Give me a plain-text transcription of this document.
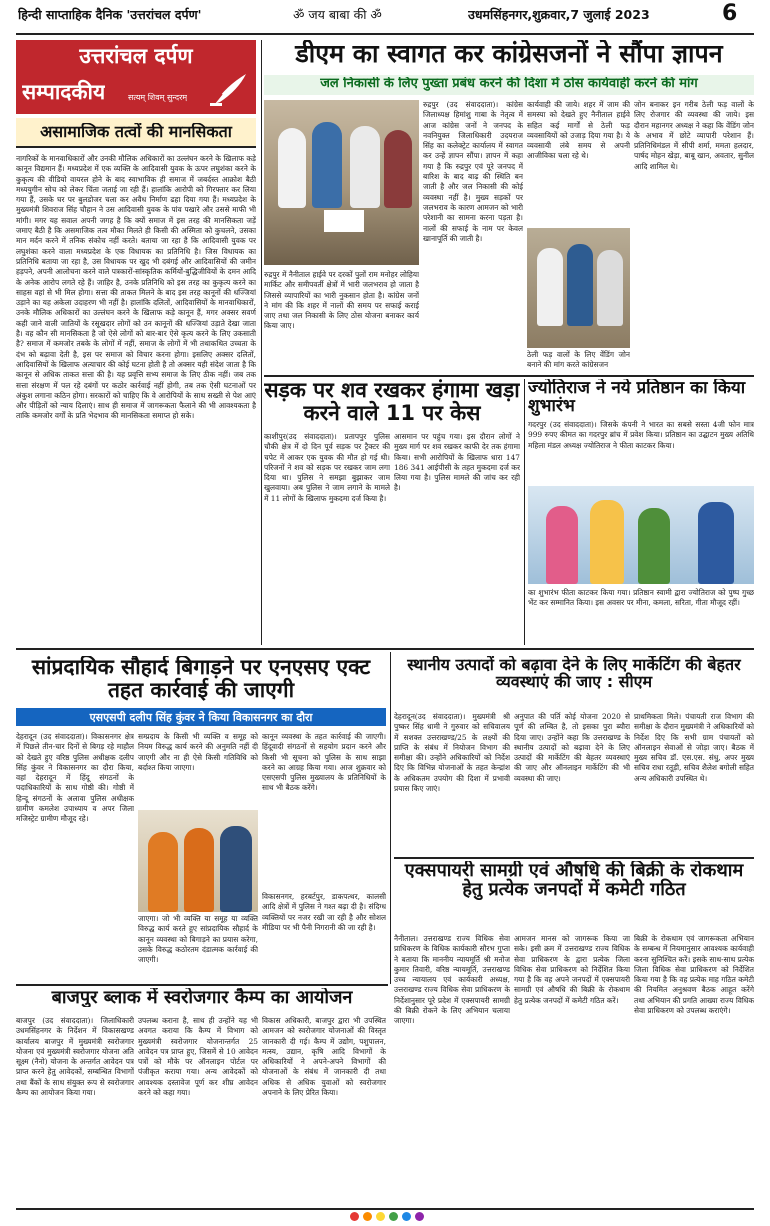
हिन्दी साप्ताहिक दैनिक 'उत्तरांचल दर्पण'	ॐ जय बाबा की ॐ	उधमसिंहनगर,शुक्रवार,7 जुलाई 2023	6
उत्तरांचल दर्पण
सम्पादकीय	सत्यम् शिवम् सुन्दरम्
असामाजिक तत्वों की मानसिकता
नागरिकों के मानवाधिकारों और उनकी मौलिक अधिकारों का उल्लंघन करने के खिलाफ कड़े कानून विद्यमान हैं। मध्यप्रदेश में एक व्यक्ति के आदिवासी युवक के ऊपर लघुशंका करने के कुकृत्य की वीडियो वायरल होने के बाद स्वाभाविक ही समाज में जबर्दस्त आक्रोश बैठी मध्ययुगीन सोच को लेकर चिंता जताई जा रही हैं। हालांकि आरोपी को गिरफ्तार कर लिया गया हैं, उसके घर पर बुलडोजर चला कर अवैध निर्माण ढहा दिया गया हैं। मध्यप्रदेश के मुख्यमंत्री शिवराज सिंह चौहान ने उस आदिवासी युवक के पांव पखारे और उससे माफी भी मांगी। मगर यह सवाल अपनी जगह है कि क्यों समाज में इस तरह की मानसिकता जड़ें जमाए बैठी है कि असमाजिक तत्व मौका मिलते ही किसी की अस्मिता को कुचलने, उसका मान मर्दन करने में तनिक संकोच नहीं करते। बताया जा रहा है कि आदिवासी युवक पर लघुशंका करने वाला मध्यप्रदेश के एक विधायक का प्रतिनिधि है। जिस विधायक का प्रतिनिधि बताया जा रहा है, उस विधायक पर खुद भी दबंगई और आदिवासियों की जमीन हड़पने, अपनी आलोचना करने वाले पत्रकारों-सांस्कृतिक कर्मियों-बुद्धिजीवियों के दमन आदि के अनेक आरोप लगते रहे हैं। जाहिर है, उनके प्रतिनिधि को इस तरह का कुकृत्य करने का साहस वहां से भी मिल होगा। सत्ता की ताकत मिलने के बाद इस तरह कानूनों की धज्जियां उड़ाने का यह अकेला उदाहरण भी नहीं है। हालांकि दलितों, आदिवासियों के मानवाधिकारों, उनके मौलिक अधिकारों का उल्लंघन करने के खिलाफ कड़े कानून हैं, मगर अक्सर सवर्ण कही जाने वाली जातियों के रसूखदार लोगों को उन कानूनों की धज्जियां उड़ाते देखा जाता है। वह कौन सी मानसिकता है जो ऐसे लोगों को बार-बार ऐसे कृत्य करने के लिए उकसाती है? समाज में कमजोर तबके के लोगों में नहीं, समाज के लोगों में भी तथाकथित उच्चता के दंभ को बढ़ावा देती है, इस पर समाज को विचार करना होगा। इसलिए अक्सर दलितों, आदिवासियों के खिलाफ अत्याचार की कोई घटना होती है तो अक्सर यही संदेश जाता है कि कानून से अधिक ताकत सत्ता की है। यह प्रवृत्ति सभ्य समाज के लिए ठीक नहीं। जब तक सत्ता संरक्षण में पल रहे दबंगों पर कठोर कार्रवाई नहीं होगी, तब तक ऐसी घटनाओं पर अंकुश लगाना कठिन होगा। सरकारों को चाहिए कि वे आरोपियों के साथ सख्ती से पेश आएं और पीड़ितों को न्याय दिलाएं। साथ ही समाज में जागरूकता फैलाने की भी आवश्यकता है ताकि कमजोर वर्गों के प्रति भेदभाव की मानसिकता समाप्त हो सके।
डीएम का स्वागत कर कांग्रेसजनों ने सौंपा ज्ञापन
जल निकासी के लिए पुख्ता प्रबंध करने की दिशा में ठोस कार्यवाही करने की मांग
रुद्रपुर (उद संवाददाता)। कांग्रेस जिलाध्यक्ष हिमांशु गाबा के नेतृत्व में आज कांग्रेस जनों ने जनपद के नवनियुक्त जिलाधिकारी उदयराज सिंह का कलेक्ट्रेट कार्यालय में स्वागत कर उन्हें ज्ञापन सौंपा। ज्ञापन में कहा गया है कि रुद्रपुर एवं पूरे जनपद में बारिश के बाद बाढ़ की स्थिति बन जाती है और जल निकासी की कोई व्यवस्था नहीं है। मुख्य सड़कों पर जलभराव के कारण आमजन को भारी परेशानी का सामना करना पड़ता है। नालों की सफाई के नाम पर केवल खानापूर्ति की जाती है।
रुद्रपुर में नैनीताल हाईवे पर दरकों पुलों राम मनोहर लोहिया मार्किट और समीपवर्ती क्षेत्रों में भारी जलभराव हो जाता है जिससे व्यापारियों का भारी नुकसान होता है। कांग्रेस जनों ने मांग की कि शहर में नालों की समय पर सफाई कराई जाए तथा जल निकासी के लिए ठोस योजना बनाकर कार्य किया जाए।
कार्यवाही की जाये। शहर में जाम की समस्या को देखते हुए नैनीताल हाईवे सहित कई मार्गों से ठेली फड़ व्यवसायियों को उजाड़ दिया गया है। ये व्यवसायी लंबे समय से अपनी आजीविका चला रहे थे।
ठेली फड़ वालों के लिए वेंडिंग जोन बनाने की मांग करते कांग्रेसजन
जोन बनाकर इन गरीब ठेली फड़ वालों के लिए रोजगार की व्यवस्था की जाये। इस दौरान महानगर अध्यक्ष ने कहा कि वेंडिंग जोन के अभाव में छोटे व्यापारी परेशान हैं। प्रतिनिधिमंडल में सीपी शर्मा, ममता हलदार, पार्षद मोहन खेड़ा, बाबू खान, अवतार, सुनील आदि शामिल थे।
सड़क पर शव रखकर हंगामा खड़ा करने वाले 11 पर केस
काशीपुर(उद संवाददाता)। प्रतापपुर पुलिस चौकी क्षेत्र में दो दिन पूर्व सड़क पर ट्रैक्टर की चपेट में आकर एक युवक की मौत हो गई थी। परिजनों ने शव को सड़क पर रखकर जाम लगा दिया था। पुलिस ने समझा बुझाकर जाम खुलवाया। अब पुलिस ने जाम लगाने के मामले में 11 लोगों के खिलाफ मुकदमा दर्ज किया है।
आसमान पर पहुंच गया। इस दौरान लोगों ने मुख्य मार्ग पर शव रखकर काफी देर तक हंगामा किया। सभी आरोपियों के खिलाफ धारा 147 186 341 आईपीसी के तहत मुकदमा दर्ज कर लिया गया है। पुलिस मामले की जांच कर रही है।
ज्योतिराज ने नये प्रतिष्ठान का किया शुभारंभ
गदरपुर (उद संवाददाता)। जिसके कंपनी ने भारत का सबसे सस्ता 4जी फोन मात्र 999 रुपए कीमत का गदरपुर ब्रांच में प्रवेश किया। प्रतिष्ठान का उद्घाटन मुख्य अतिथि महिला मंडल अध्यक्ष ज्योतिराज ने फीता काटकर किया।
का शुभारंभ फीता काटकर किया गया। प्रतिष्ठान स्वामी द्वारा ज्योतिराज को पुष्प गुच्छ भेंट कर सम्मानित किया। इस अवसर पर मीना, कमला, सरिता, गीता मौजूद रहीं।
सांप्रदायिक सौहार्द बिगाड़ने पर एनएसए एक्ट तहत कार्रवाई की जाएगी
एसएसपी दलीप सिंह कुंवर ने किया विकासनगर का दौरा
देहरादून (उद संवाददाता)। विकासनगर क्षेत्र में पिछले तीन-चार दिनों से बिगड़ रहे माहौल को देखते हुए वरिष्ठ पुलिस अधीक्षक दलीप सिंह कुंवर ने विकासनगर का दौरा किया, वहां देहरादून में हिंदू संगठनों के पदाधिकारियों के साथ गोष्ठी की। गोष्ठी में हिन्दू संगठनों के अलावा पुलिस अधीक्षक ग्रामीण कमलेश उपाध्याय व अपर जिला मजिस्ट्रेट ग्रामीण मौजूद रहे।
सम्प्रदाय के किसी भी व्यक्ति व समूह को नियम विरुद्ध कार्य करने की अनुमति नहीं दी जाएगी और ना ही ऐसे किसी गतिविधि को बर्दाश्त किया जाएगा।
जाएगा। जो भी व्यक्ति या समूह या व्यक्ति विरुद्ध कार्य करते हुए सांप्रदायिक सौहार्द के कानून व्यवस्था को बिगाड़ने का प्रयास करेगा, उसके विरुद्ध कठोरतम दंडात्मक कार्रवाई की जाएगी।
कानून व्यवस्था के तहत कार्रवाई की जाएगी। हिंदूवादी संगठनों से सहयोग प्रदान करने और किसी भी सूचना को पुलिस के साथ साझा करने का आग्रह किया गया। आज शुक्रवार को एसएसपी पुलिस मुख्यालय के प्रतिनिधियों के साथ भी बैठक करेंगे।
विकासनगर, हरबर्टपुर, डाकपत्थर, कालसी आदि क्षेत्रों में पुलिस ने गश्त बढ़ा दी है। संदिग्ध व्यक्तियों पर नजर रखी जा रही है और सोशल मीडिया पर भी पैनी निगरानी की जा रही है।
स्थानीय उत्पादों को बढ़ावा देने के लिए मार्केटिंग की बेहतर व्यवस्थाएं की जाए : सीएम
देहरादून(उद संवाददाता)। मुख्यमंत्री श्री पुष्कर सिंह धामी ने गुरुवार को सचिवालय में सशक्त उत्तराखण्ड/25 के लक्ष्यों की प्राप्ति के संबंध में नियोजन विभाग की समीक्षा की। उन्होंने अधिकारियों को निर्देश दिए कि विभिन्न योजनाओं के तहत केन्द्रांश के अधिकतम उपयोग की दिशा में प्रभावी प्रयास किए जाएं।
अनुपात की पर्ति कोई योजना 2020 से पूर्ण की लम्बित है, तो इसका पुरा ब्यौरा दिया जाए। उन्होंने कहा कि उत्तराखण्ड के स्थानीय उत्पादों को बढ़ावा देने के लिए उत्पादों की मार्केटिंग की बेहतर व्यवस्थाएं की जाए और ऑनलाइन मार्केटिंग की भी व्यवस्था की जाए।
प्राथमिकता मिले। पंचायती राज विभाग की समीक्षा के दौरान मुख्यमंत्री ने अधिकारियों को निर्देश दिए कि सभी ग्राम पंचायतों को ऑनलाइन सेवाओं से जोड़ा जाए। बैठक में मुख्य सचिव डॉ. एस.एस. संधु, अपर मुख्य सचिव राधा रतूड़ी, सचिव शैलेश बगोली सहित अन्य अधिकारी उपस्थित थे।
एक्सपायरी सामग्री एवं औषधि की बिक्री के रोकथाम हेतु प्रत्येक जनपदों में कमेटी गठित
नैनीताल। उत्तराखण्ड राज्य विधिक सेवा प्राधिकरण के विधिक कार्यकारी सौरभ गुप्ता ने बताया कि माननीय न्यायमूर्ति श्री मनोज कुमार तिवारी, वरिष्ठ न्यायमूर्ति, उत्तराखण्ड उच्च न्यायालय एवं कार्यकारी अध्यक्ष, उत्तराखण्ड राज्य विधिक सेवा प्राधिकरण के निर्देशानुसार पूरे प्रदेश में एक्सपायरी सामग्री की बिक्री रोकने के लिए अभियान चलाया जाएगा।
आमजन मानस को जागरूक किया जा सके। इसी क्रम में उत्तराखण्ड राज्य विधिक सेवा प्राधिकरण के द्वारा प्रत्येक जिला विधिक सेवा प्राधिकरण को निर्देशित किया गया है कि वह अपने जनपदों में एक्सपायरी सामग्री एवं औषधि की बिक्री के रोकथाम हेतु प्रत्येक जनपदों में कमेटी गठित करें।
बिक्री के रोकथाम एवं जागरूकता अभियान के सम्बन्ध में नियमानुसार आवश्यक कार्यवाही करना सुनिश्चित करें। इसके साथ-साथ प्रत्येक जिला विधिक सेवा प्राधिकरण को निर्देशित किया गया है कि वह प्रत्येक माह गठित कमेटी की नियमित अनुश्रवण बैठक आहूत करेंगे तथा अभियान की प्रगति आख्या राज्य विधिक सेवा प्राधिकरण को उपलब्ध कराएंगे।
बाजपुर ब्लाक में स्वरोजगार कैम्प का आयोजन
बाजपुर (उद संवाददाता)। जिलाधिकारी उधमसिंहनगर के निर्देशन में विकासखण्ड कार्यालय बाजपुर में मुख्यमंत्री स्वरोजगार योजना एवं मुख्यमंत्री स्वरोजगार योजना अति सूक्ष्म (नैनो) योजना के अन्तर्गत आवेदन पत्र प्राप्त करने हेतु आवेदकों, सम्बन्धित विभागों तथा बैंकों के साथ संयुक्त रूप से स्वरोजगार कैम्प का आयोजन किया गया।
उपलब्ध कराना है, साथ ही उन्होंने यह भी अवगत कराया कि कैम्प में विभाग को मुख्यमंत्री स्वरोजगार योजनान्तर्गत 25 आवेदन पत्र प्राप्त हुए, जिसमें से 10 आवेदन पत्रों को मौके पर ऑनलाइन पोर्टल पर पंजीकृत कराया गया। अन्य आवेदकों को आवश्यक दस्तावेज पूर्ण कर शीघ्र आवेदन करने को कहा गया।
विकास अधिकारी, बाजपुर द्वारा भी उपस्थित आमजन को स्वरोजगार योजनाओं की विस्तृत जानकारी दी गई। कैम्प में उद्योग, पशुपालन, मत्स्य, उद्यान, कृषि आदि विभागों के अधिकारियों ने अपने-अपने विभागों की योजनाओं के संबंध में जानकारी दी तथा अधिक से अधिक युवाओं को स्वरोजगार अपनाने के लिए प्रेरित किया।
